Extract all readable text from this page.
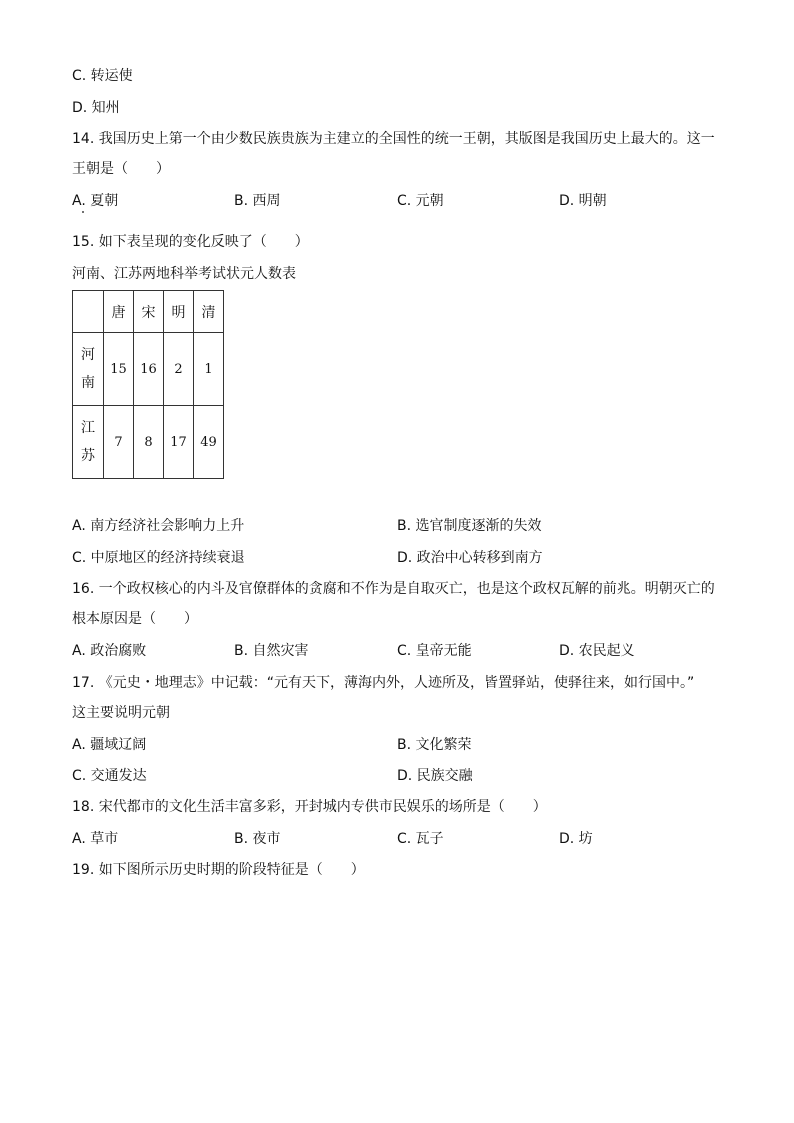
C. 转运使
D. 知州
14. 我国历史上第一个由少数民族贵族为主建立的全国性的统一王朝，其版图是我国历史上最大的。这一
王朝是（　　）
A. 夏朝	B. 西周	C. 元朝	D. 明朝
15. 如下表呈现的变化反映了（　　）
河南、江苏两地科举考试状元人数表
	唐	宋	明	清
河
南	15	16	2	1
江
苏	7	8	17	49
A. 南方经济社会影响力上升	B. 选官制度逐渐的失效
C. 中原地区的经济持续衰退	D. 政治中心转移到南方
16. 一个政权核心的内斗及官僚群体的贪腐和不作为是自取灭亡，也是这个政权瓦解的前兆。明朝灭亡的
根本原因是（　　）
A. 政治腐败	B. 自然灾害	C. 皇帝无能	D. 农民起义
17. 《元史・地理志》中记载：“元有天下，薄海内外，人迹所及，皆置驿站，使驿往来，如行国中。”
这主要说明元朝
A. 疆域辽阔	B. 文化繁荣
C. 交通发达	D. 民族交融
18. 宋代都市的文化生活丰富多彩，开封城内专供市民娱乐的场所是（　　）
A. 草市	B. 夜市	C. 瓦子	D. 坊
19. 如下图所示历史时期的阶段特征是（　　）
